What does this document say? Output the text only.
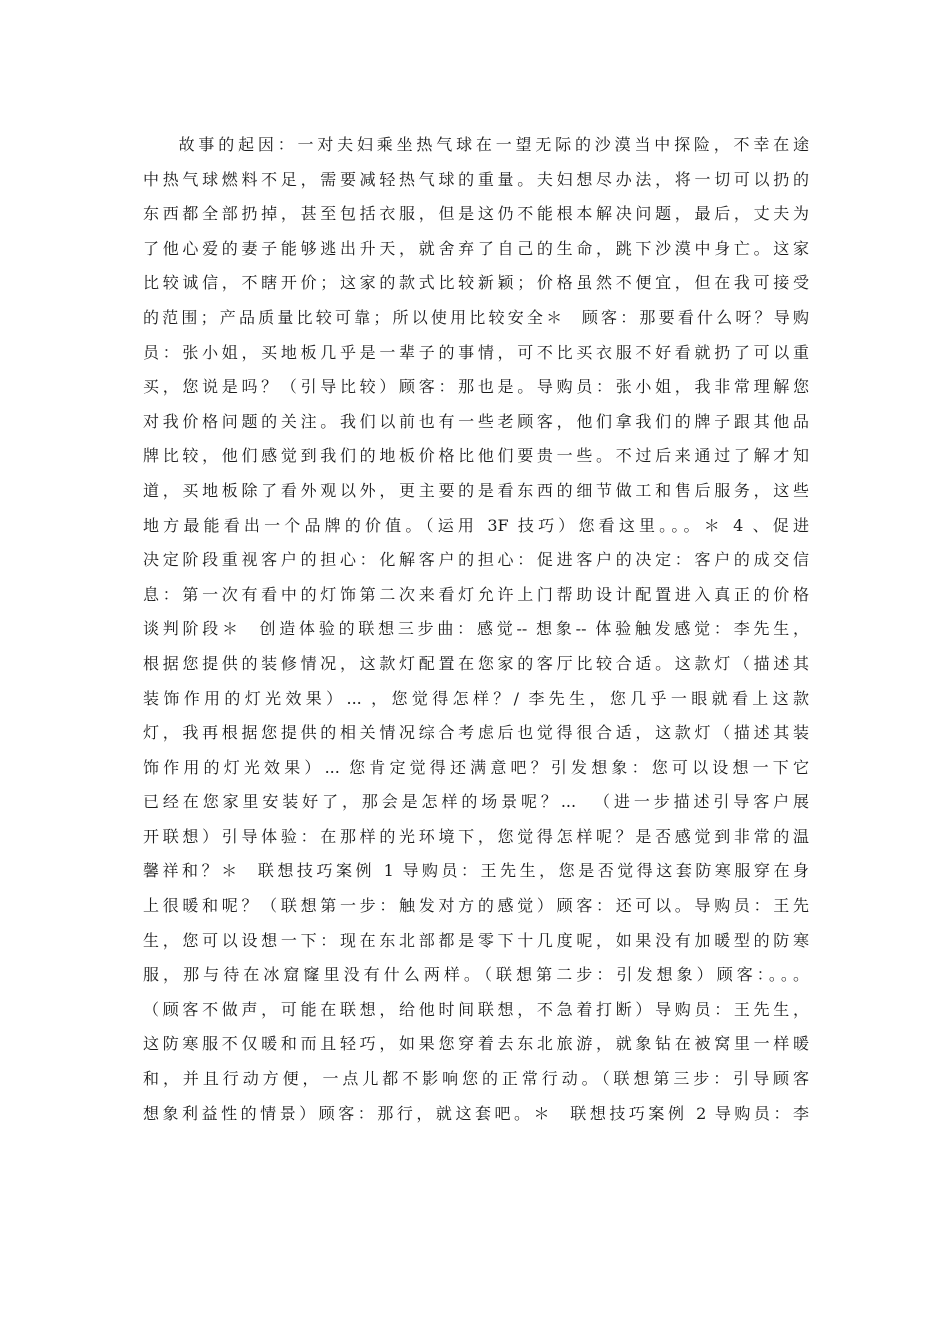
故事的起因：一对夫妇乘坐热气球在一望无际的沙漠当中探险，不幸在途
中热气球燃料不足，需要减轻热气球的重量。夫妇想尽办法，将一切可以扔的
东西都全部扔掉，甚至包括衣服，但是这仍不能根本解决问题，最后，丈夫为
了他心爱的妻子能够逃出升天，就舍弃了自己的生命，跳下沙漠中身亡。这家
比较诚信，不瞎开价；这家的款式比较新颖；价格虽然不便宜，但在我可接受
的范围；产品质量比较可靠；所以使用比较安全＊  顾客：那要看什么呀？导购
员：张小姐，买地板几乎是一辈子的事情，可不比买衣服不好看就扔了可以重
买，您说是吗？（引导比较）顾客：那也是。导购员：张小姐，我非常理解您
对我价格问题的关注。我们以前也有一些老顾客，他们拿我们的牌子跟其他品
牌比较，他们感觉到我们的地板价格比他们要贵一些。不过后来通过了解才知
道，买地板除了看外观以外，更主要的是看东西的细节做工和售后服务，这些
地方最能看出一个品牌的价值。（运用 3F 技巧）您看这里。。。＊ 4 、促进
决定阶段重视客户的担心：化解客户的担心：促进客户的决定：客户的成交信
息：第一次有看中的灯饰第二次来看灯允许上门帮助设计配置进入真正的价格
谈判阶段＊  创造体验的联想三步曲：感觉-- 想象-- 体验触发感觉：李先生，
根据您提供的装修情况，这款灯配置在您家的客厅比较合适。这款灯（描述其
装饰作用的灯光效果）... ，您觉得怎样？/ 李先生，您几乎一眼就看上这款
灯，我再根据您提供的相关情况综合考虑后也觉得很合适，这款灯（描述其装
饰作用的灯光效果）... 您肯定觉得还满意吧？引发想象：您可以设想一下它
已经在您家里安装好了，那会是怎样的场景呢？...  （进一步描述引导客户展
开联想）引导体验：在那样的光环境下，您觉得怎样呢？是否感觉到非常的温
馨祥和？＊  联想技巧案例 1 导购员：王先生，您是否觉得这套防寒服穿在身
上很暖和呢？（联想第一步：触发对方的感觉）顾客：还可以。导购员：王先
生，您可以设想一下：现在东北部都是零下十几度呢，如果没有加暖型的防寒
服，那与待在冰窟窿里没有什么两样。（联想第二步：引发想象）顾客：。。。
（顾客不做声，可能在联想，给他时间联想，不急着打断）导购员：王先生，
这防寒服不仅暖和而且轻巧，如果您穿着去东北旅游，就象钻在被窝里一样暖
和，并且行动方便，一点儿都不影响您的正常行动。（联想第三步：引导顾客
想象利益性的情景）顾客：那行，就这套吧。＊  联想技巧案例 2 导购员：李
